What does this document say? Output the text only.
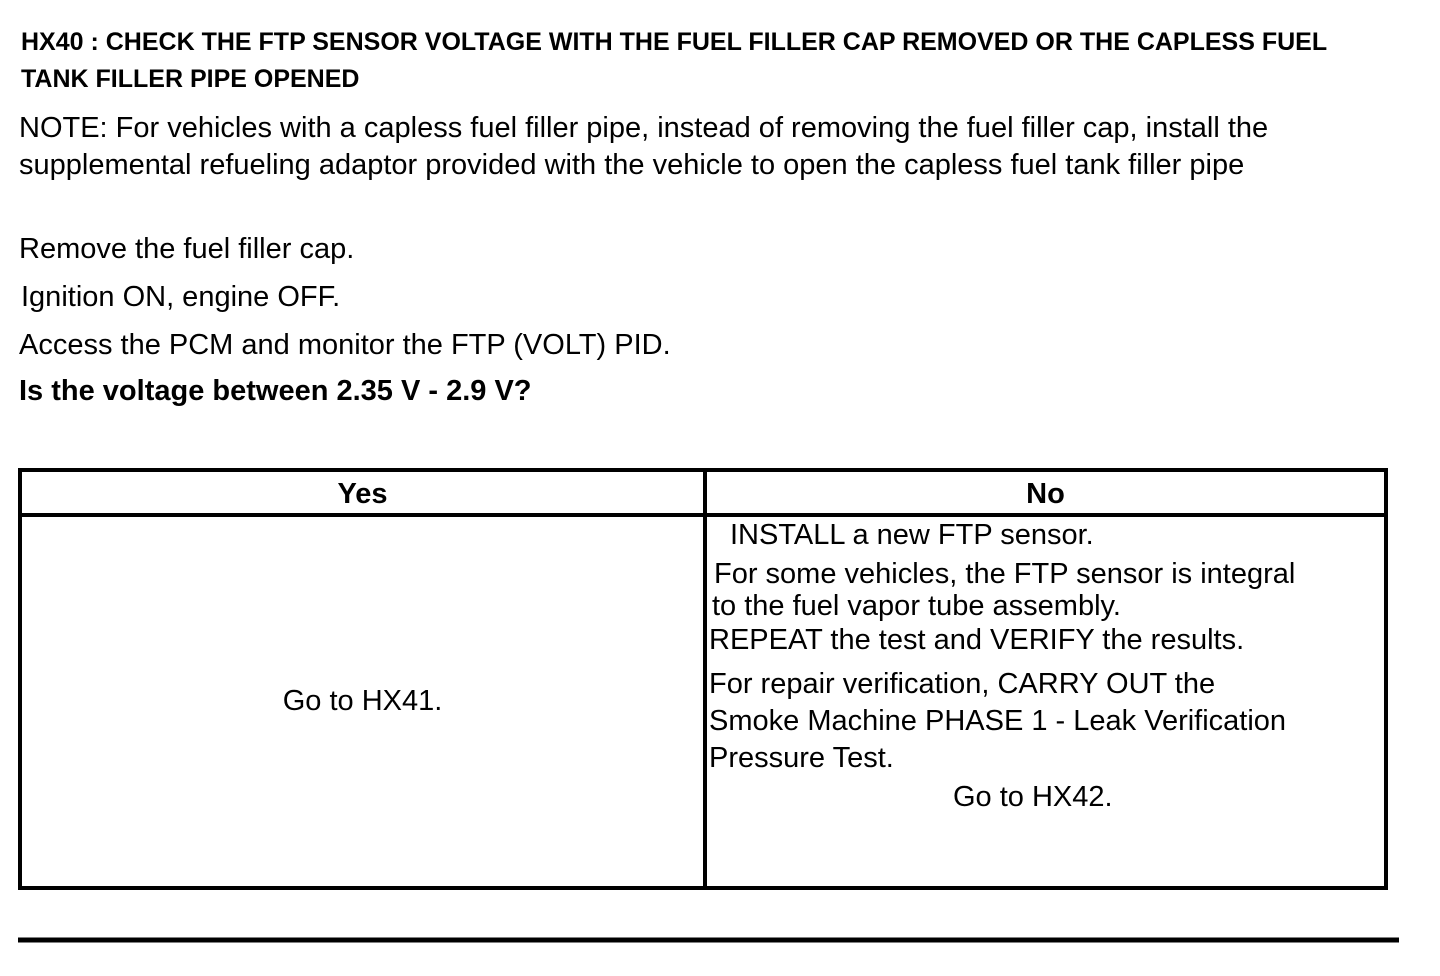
HX40 : CHECK THE FTP SENSOR VOLTAGE WITH THE FUEL FILLER CAP REMOVED OR THE CAPLESS FUEL TANK FILLER PIPE OPENED

NOTE: For vehicles with a capless fuel filler pipe, instead of removing the fuel filler cap, install the supplemental refueling adaptor provided with the vehicle to open the capless fuel tank filler pipe

Remove the fuel filler cap.

Ignition ON, engine OFF.

Access the PCM and monitor the FTP (VOLT) PID.

Is the voltage between 2.35 V - 2.9 V?

Yes	No
Go to HX41.
INSTALL a new FTP sensor.
For some vehicles, the FTP sensor is integral
to the fuel vapor tube assembly.
REPEAT the test and VERIFY the results.
For repair verification, CARRY OUT the
Smoke Machine PHASE 1 - Leak Verification
Pressure Test.
Go to HX42.
